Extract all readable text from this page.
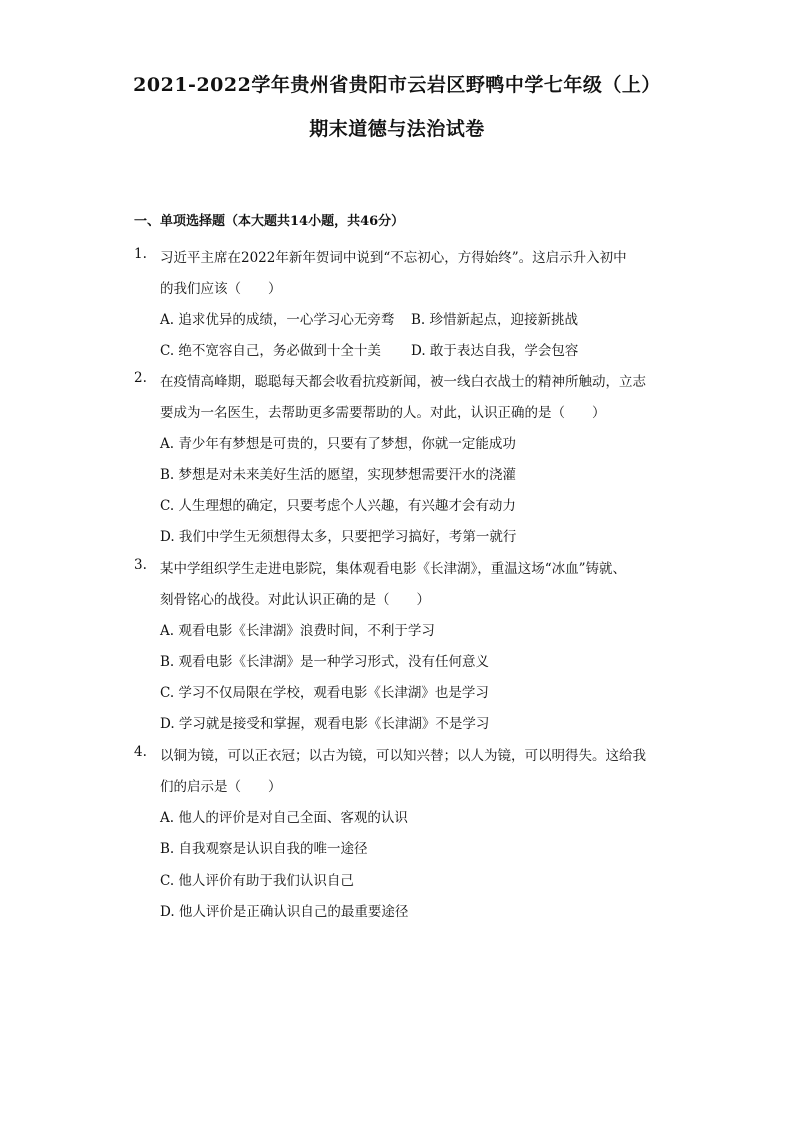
2021-2022学年贵州省贵阳市云岩区野鸭中学七年级（上）
期末道德与法治试卷
一、单项选择题（本大题共14小题，共46分）
1. 习近平主席在2022年新年贺词中说到“不忘初心，方得始终”。这启示升入初中
的我们应该（　　）
A. 追求优异的成绩，一心学习心无旁骛 B. 珍惜新起点，迎接新挑战
C. 绝不宽容自己，务必做到十全十美 D. 敢于表达自我，学会包容
2. 在疫情高峰期，聪聪每天都会收看抗疫新闻，被一线白衣战士的精神所触动，立志
要成为一名医生，去帮助更多需要帮助的人。对此，认识正确的是（　　）
A. 青少年有梦想是可贵的，只要有了梦想，你就一定能成功
B. 梦想是对未来美好生活的愿望，实现梦想需要汗水的浇灌
C. 人生理想的确定，只要考虑个人兴趣，有兴趣才会有动力
D. 我们中学生无须想得太多，只要把学习搞好，考第一就行
3. 某中学组织学生走进电影院，集体观看电影《长津湖》，重温这场“冰血”铸就、
刻骨铭心的战役。对此认识正确的是（　　）
A. 观看电影《长津湖》浪费时间，不利于学习
B. 观看电影《长津湖》是一种学习形式，没有任何意义
C. 学习不仅局限在学校，观看电影《长津湖》也是学习
D. 学习就是接受和掌握，观看电影《长津湖》不是学习
4. 以铜为镜，可以正衣冠；以古为镜，可以知兴替；以人为镜，可以明得失。这给我
们的启示是（　　）
A. 他人的评价是对自己全面、客观的认识
B. 自我观察是认识自我的唯一途径
C. 他人评价有助于我们认识自己
D. 他人评价是正确认识自己的最重要途径
